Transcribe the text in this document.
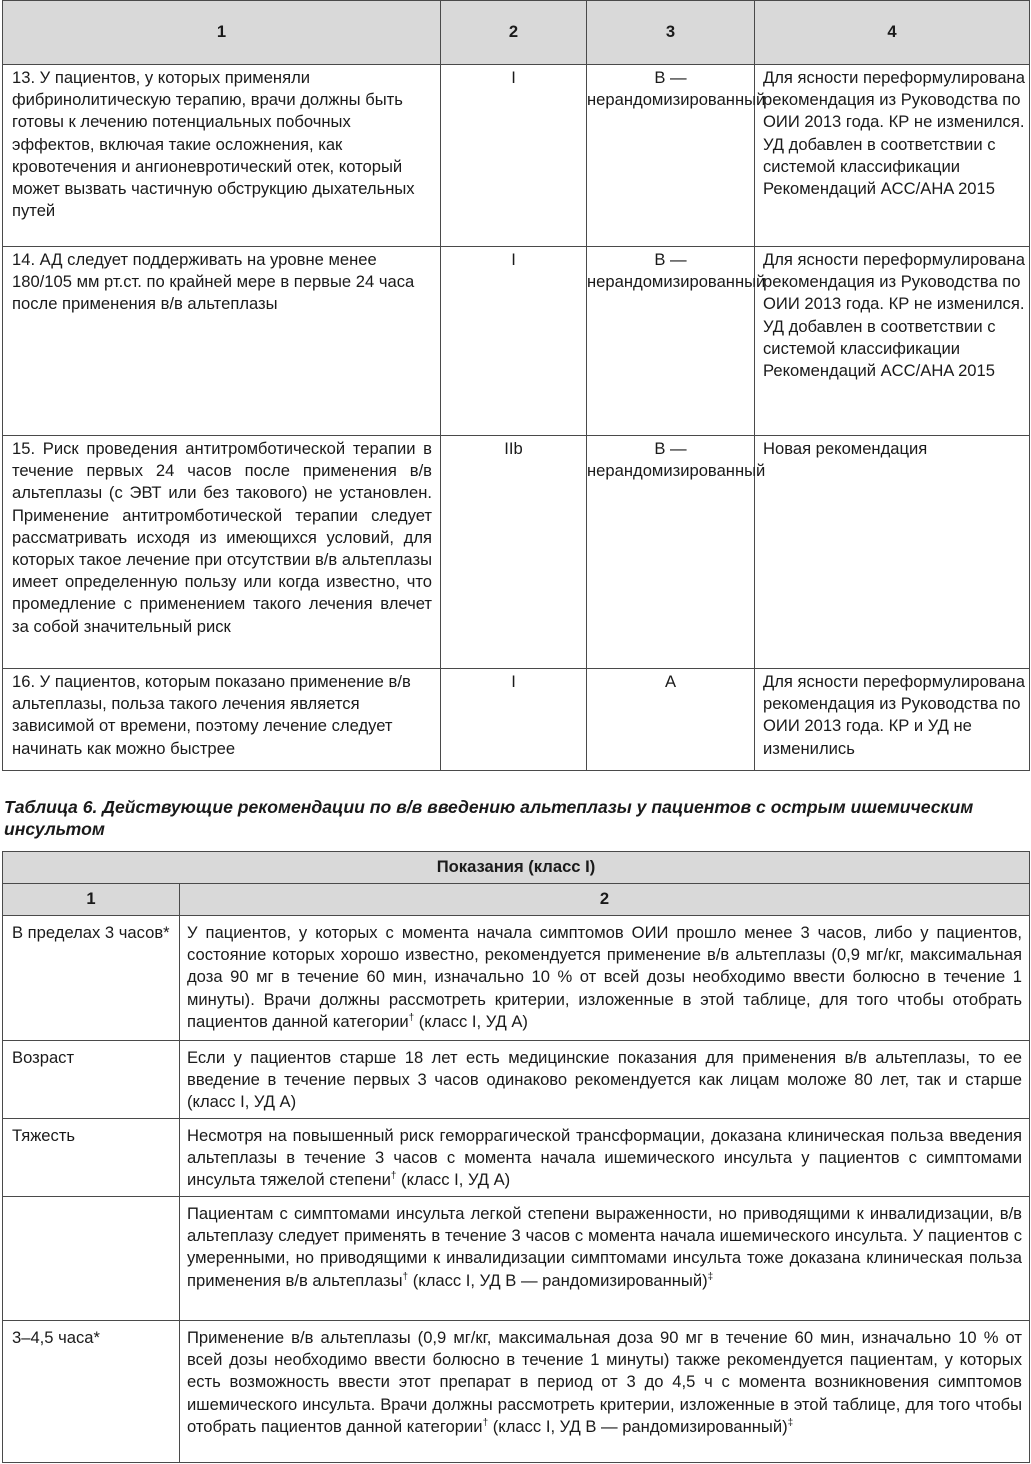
1	2	3	4
13. У пациентов, у которых применяли фибринолитическую терапию, врачи должны быть готовы к лечению потенциальных побочных эффектов, включая такие осложнения, как кровотечения и ангионевротический отек, который может вызвать частичную обструкцию дыхательных путей	I	В — нерандомизированный	Для ясности переформулирована рекомендация из Руководства по ОИИ 2013 года. КР не изменился. УД добавлен в соответствии с системой классификации Рекомендаций ACC/AHA 2015
14. АД следует поддерживать на уровне менее 180/105 мм рт.ст. по крайней мере в первые 24 часа после применения в/в альтеплазы	I	В — нерандомизированный	Для ясности переформулирована рекомендация из Руководства по ОИИ 2013 года. КР не изменился. УД добавлен в соответствии с системой классификации Рекомендаций ACC/AHA 2015
15. Риск проведения антитромботической терапии в течение первых 24 часов после применения в/в альтеплазы (с ЭВТ или без такового) не установлен. Применение антитромботической терапии следует рассматривать исходя из имеющихся условий, для которых такое лечение при отсутствии в/в альтеплазы имеет определенную пользу или когда известно, что промедление с применением такого лечения влечет за собой значительный риск	IIb	В — нерандомизированный	Новая рекомендация
16. У пациентов, которым показано применение в/в альтеплазы, польза такого лечения является зависимой от времени, поэтому лечение следует начинать как можно быстрее	I	А	Для ясности переформулирована рекомендация из Руководства по ОИИ 2013 года. КР и УД не изменились
Таблица 6. Действующие рекомендации по в/в введению альтеплазы у пациентов с острым ишемическим инсультом
Показания (класс I)	
1	2
В пределах 3 часов*	У пациентов, у которых с момента начала симптомов ОИИ прошло менее 3 часов, либо у пациентов, состояние которых хорошо известно, рекомендуется применение в/в альтеплазы (0,9 мг/кг, максимальная доза 90 мг в течение 60 мин, изначально 10 % от всей дозы необходимо ввести болюсно в течение 1 минуты). Врачи должны рассмотреть критерии, изложенные в этой таблице, для того чтобы отобрать пациентов данной категории† (класс I, УД А)
Возраст	Если у пациентов старше 18 лет есть медицинские показания для применения в/в альтеплазы, то ее введение в течение первых 3 часов одинаково рекомендуется как лицам моложе 80 лет, так и старше (класс I, УД А)
Тяжесть	Несмотря на повышенный риск геморрагической трансформации, доказана клиническая польза введения альтеплазы в течение 3 часов с момента начала ишемического инсульта у пациентов с симптомами инсульта тяжелой степени† (класс I, УД А)
	Пациентам с симптомами инсульта легкой степени выраженности, но приводящими к инвалидизации, в/в альтеплазу следует применять в течение 3 часов с момента начала ишемического инсульта. У пациентов с умеренными, но приводящими к инвалидизации симптомами инсульта тоже доказана клиническая польза применения в/в альтеплазы† (класс I, УД В — рандомизированный)‡
3–4,5 часа*	Применение в/в альтеплазы (0,9 мг/кг, максимальная доза 90 мг в течение 60 мин, изначально 10 % от всей дозы необходимо ввести болюсно в течение 1 минуты) также рекомендуется пациентам, у которых есть возможность ввести этот препарат в период от 3 до 4,5 ч с момента возникновения симптомов ишемического инсульта. Врачи должны рассмотреть критерии, изложенные в этой таблице, для того чтобы отобрать пациентов данной категории† (класс I, УД В — рандомизированный)‡
